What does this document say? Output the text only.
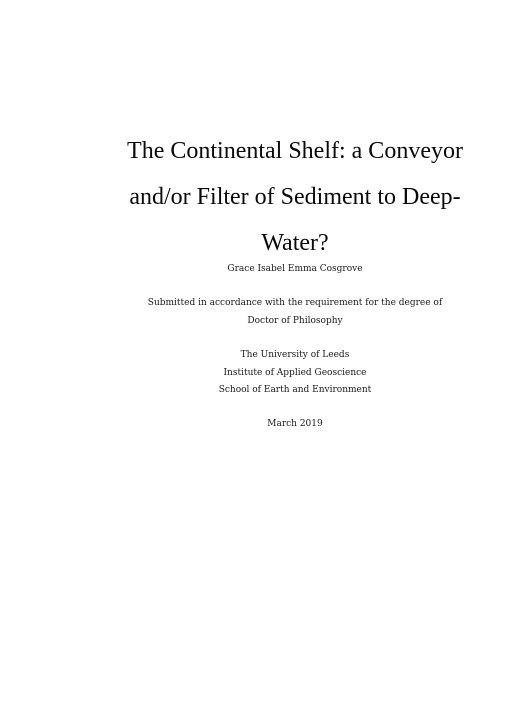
The Continental Shelf: a Conveyor
and/or Filter of Sediment to Deep-
Water?
Grace Isabel Emma Cosgrove
Submitted in accordance with the requirement for the degree of
Doctor of Philosophy
The University of Leeds
Institute of Applied Geoscience
School of Earth and Environment
March 2019
